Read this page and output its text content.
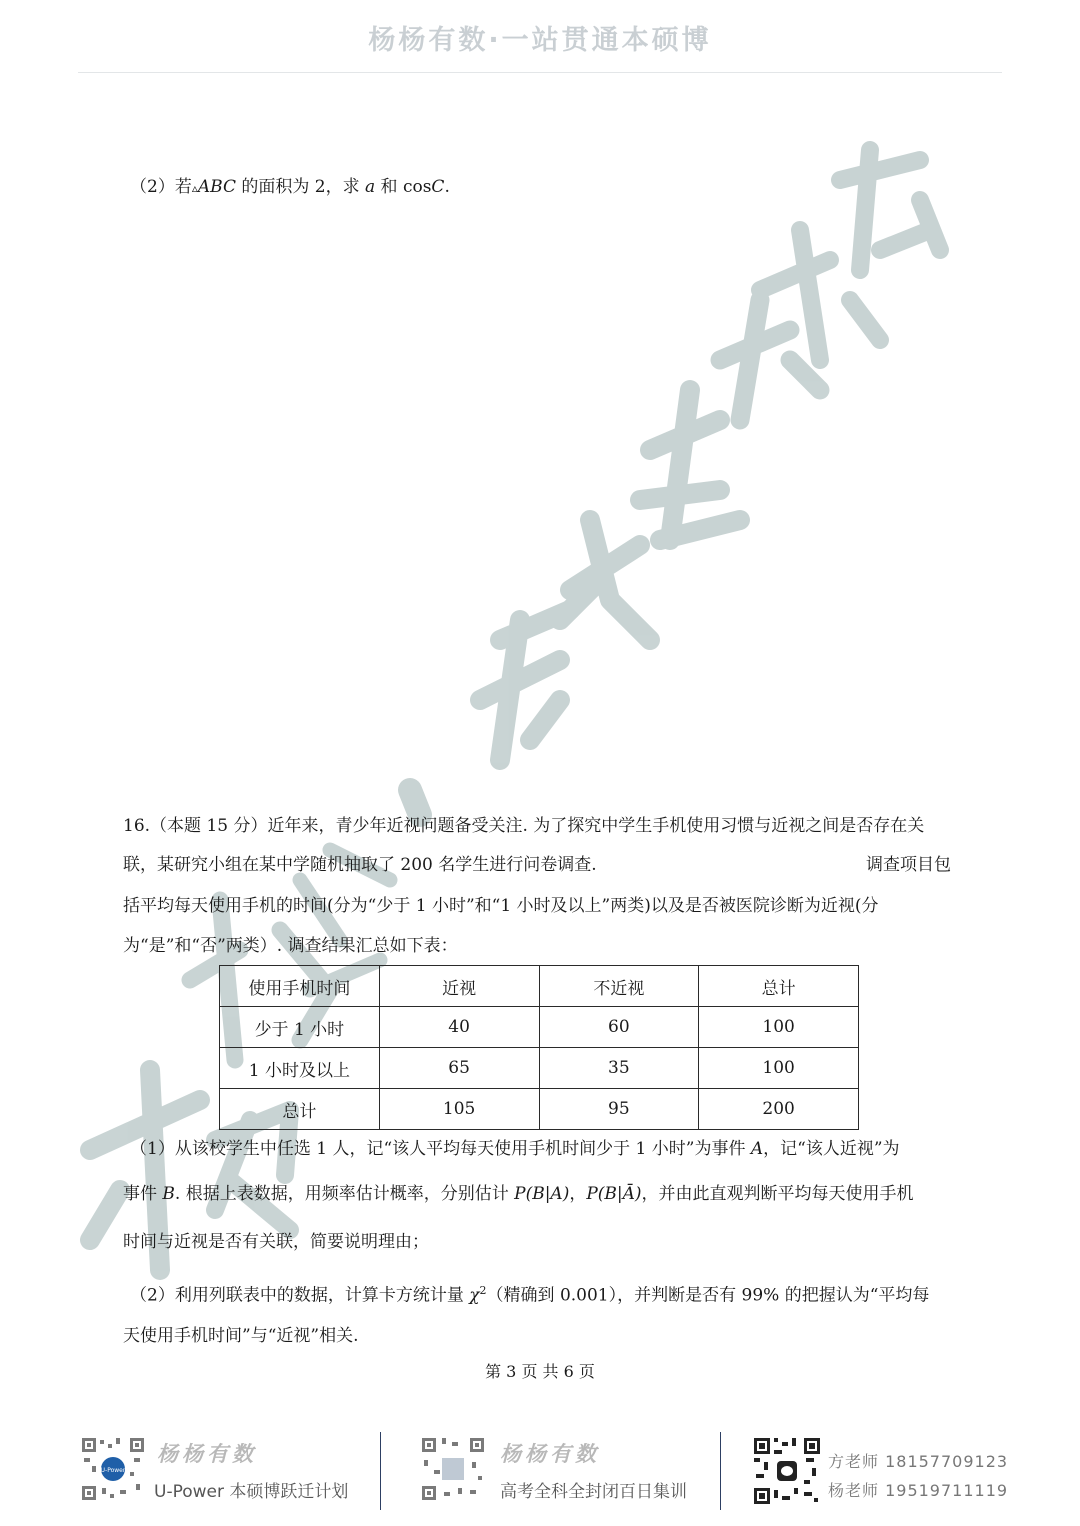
杨杨有数·一站贯通本硕博
（2）若▵ABC 的面积为 2，求 a 和 cosC.
16.（本题 15 分）近年来，青少年近视问题备受关注. 为了探究中学生手机使用习惯与近视之间是否存在关
联，某研究小组在某中学随机抽取了 200 名学生进行问卷调查.	调查项目包
括平均每天使用手机的时间(分为“少于 1 小时”和“1 小时及以上”两类)以及是否被医院诊断为近视(分
为“是”和“否”两类）. 调查结果汇总如下表：
使用手机时间	近视	不近视	总计
少于 1 小时	40	60	100
1 小时及以上	65	35	100
总计	105	95	200
（1）从该校学生中任选 1 人，记“该人平均每天使用手机时间少于 1 小时”为事件 A，记“该人近视”为
事件 B. 根据上表数据，用频率估计概率，分别估计 P(B|A)，P(B|Ā)，并由此直观判断平均每天使用手机
时间与近视是否有关联，简要说明理由；
（2）利用列联表中的数据，计算卡方统计量 $\chi^2$（精确到 0.001），并判断是否有 99% 的把握认为“平均每
天使用手机时间”与“近视”相关.
第 3 页 共 6 页
U-Power
杨杨有数
U-Power 本硕博跃迁计划
杨杨有数
高考全科全封闭百日集训
方老师 18157709123
杨老师 19519711119
